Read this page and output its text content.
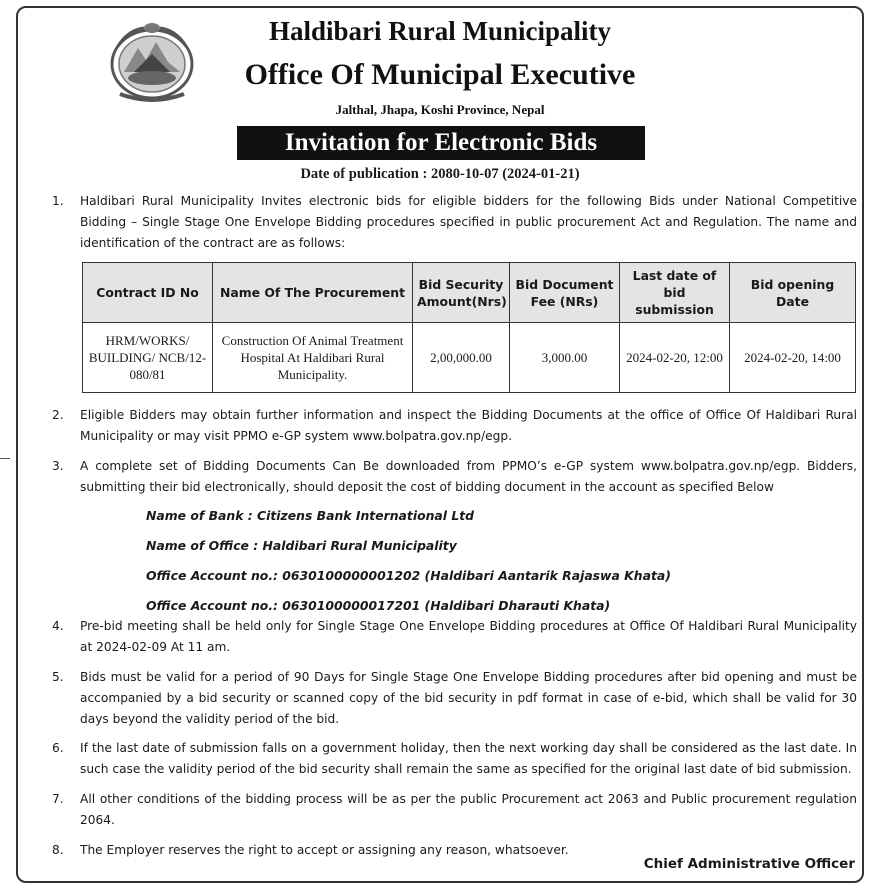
Haldibari Rural Municipality
Office Of Municipal Executive
Jalthal, Jhapa, Koshi Province, Nepal
Invitation for Electronic Bids
Date of publication : 2080-10-07 (2024-01-21)
1. Haldibari Rural Municipality Invites electronic bids for eligible bidders for the following Bids under National Competitive Bidding – Single Stage One Envelope Bidding procedures specified in public procurement Act and Regulation. The name and identification of the contract are as follows:
Contract ID No	Name Of The Procurement	Bid Security Amount(Nrs)	Bid Document Fee (NRs)	Last date of bid submission	Bid opening Date
HRM/WORKS/ BUILDING/ NCB/12-080/81	Construction Of Animal Treatment Hospital At Haldibari Rural Municipality.	2,00,000.00	3,000.00	2024-02-20, 12:00	2024-02-20, 14:00
2. Eligible Bidders may obtain further information and inspect the Bidding Documents at the office of Office Of Haldibari Rural Municipality or may visit PPMO e-GP system www.bolpatra.gov.np/egp.
3. A complete set of Bidding Documents Can Be downloaded from PPMO’s e-GP system www.bolpatra.gov.np/egp. Bidders, submitting their bid electronically, should deposit the cost of bidding document in the account as specified Below
Name of Bank : Citizens Bank International Ltd
Name of Office : Haldibari Rural Municipality
Office Account no.: 0630100000001202 (Haldibari Aantarik Rajaswa Khata)
Office Account no.: 0630100000017201 (Haldibari Dharauti Khata)
4. Pre-bid meeting shall be held only for Single Stage One Envelope Bidding procedures at Office Of Haldibari Rural Municipality at 2024-02-09 At 11 am.
5. Bids must be valid for a period of 90 Days for Single Stage One Envelope Bidding procedures after bid opening and must be accompanied by a bid security or scanned copy of the bid security in pdf format in case of e-bid, which shall be valid for 30 days beyond the validity period of the bid.
6. If the last date of submission falls on a government holiday, then the next working day shall be considered as the last date. In such case the validity period of the bid security shall remain the same as specified for the original last date of bid submission.
7. All other conditions of the bidding process will be as per the public Procurement act 2063 and Public procurement regulation 2064.
8. The Employer reserves the right to accept or assigning any reason, whatsoever.
Chief Administrative Officer
